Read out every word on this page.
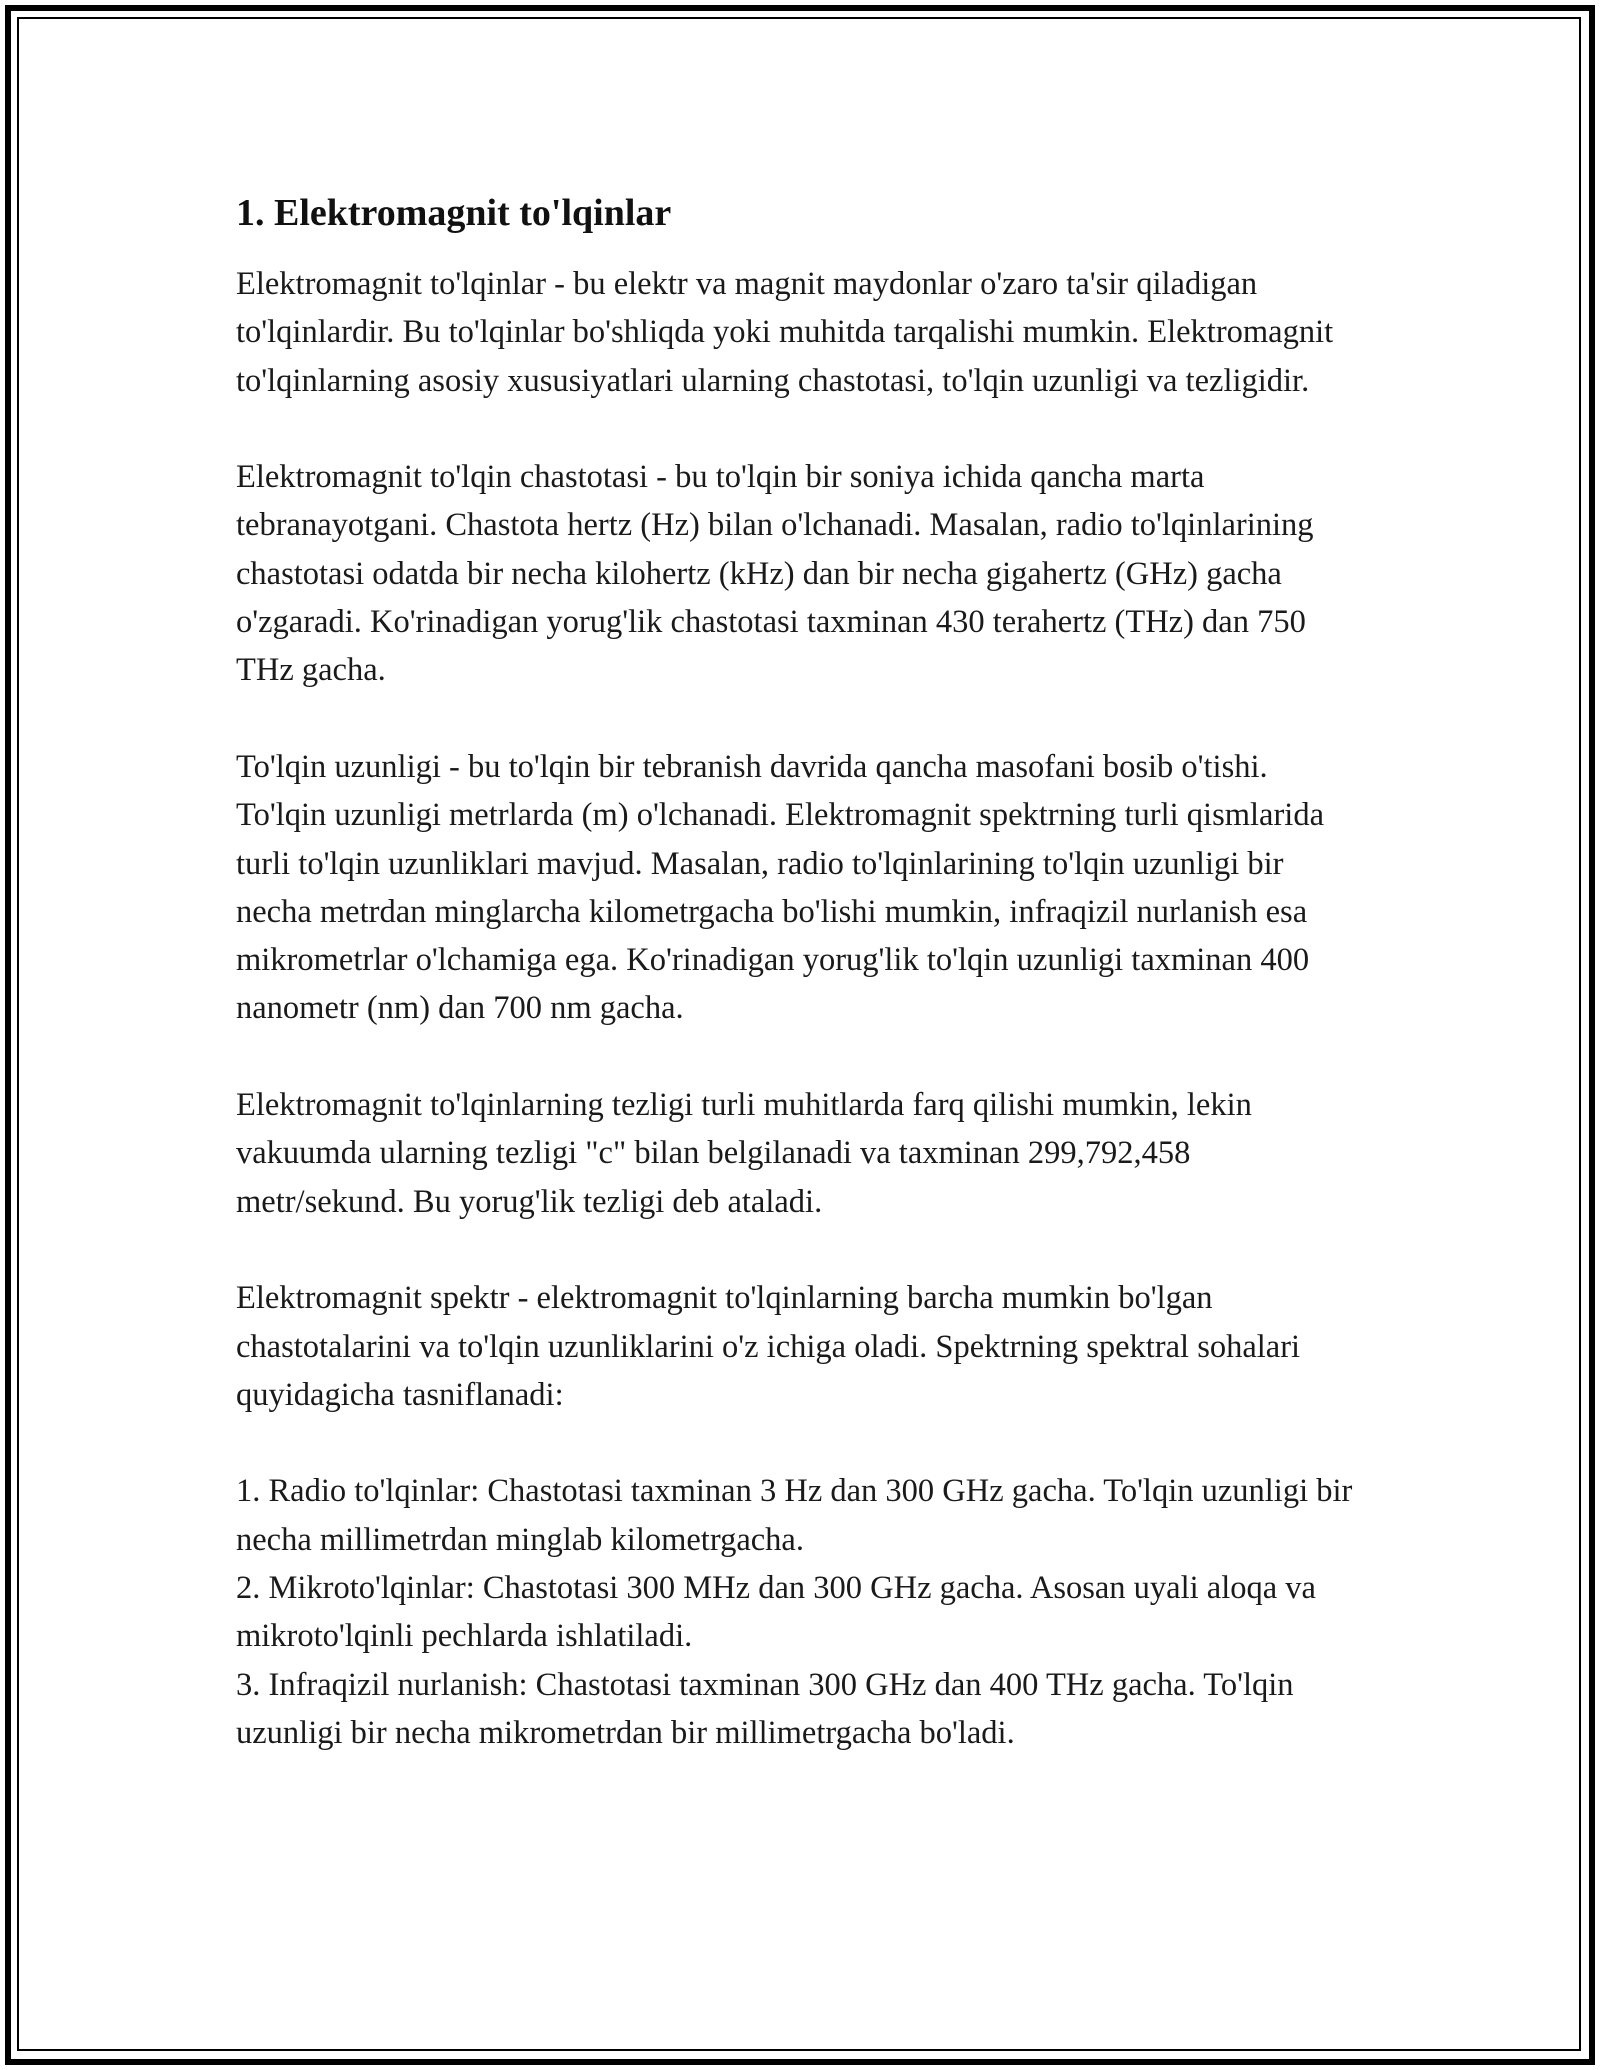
1. Elektromagnit to'lqinlar

Elektromagnit to'lqinlar - bu elektr va magnit maydonlar o'zaro ta'sir qiladigan to'lqinlardir. Bu to'lqinlar bo'shliqda yoki muhitda tarqalishi mumkin. Elektromagnit to'lqinlarning asosiy xususiyatlari ularning chastotasi, to'lqin uzunligi va tezligidir.

Elektromagnit to'lqin chastotasi - bu to'lqin bir soniya ichida qancha marta tebranayotgani. Chastota hertz (Hz) bilan o'lchanadi. Masalan, radio to'lqinlarining chastotasi odatda bir necha kilohertz (kHz) dan bir necha gigahertz (GHz) gacha o'zgaradi. Ko'rinadigan yorug'lik chastotasi taxminan 430 terahertz (THz) dan 750 THz gacha.

To'lqin uzunligi - bu to'lqin bir tebranish davrida qancha masofani bosib o'tishi. To'lqin uzunligi metrlarda (m) o'lchanadi. Elektromagnit spektrning turli qismlarida turli to'lqin uzunliklari mavjud. Masalan, radio to'lqinlarining to'lqin uzunligi bir necha metrdan minglarcha kilometrgacha bo'lishi mumkin, infraqizil nurlanish esa mikrometrlar o'lchamiga ega. Ko'rinadigan yorug'lik to'lqin uzunligi taxminan 400 nanometr (nm) dan 700 nm gacha.

Elektromagnit to'lqinlarning tezligi turli muhitlarda farq qilishi mumkin, lekin vakuumda ularning tezligi "c" bilan belgilanadi va taxminan 299,792,458 metr/sekund. Bu yorug'lik tezligi deb ataladi.

Elektromagnit spektr - elektromagnit to'lqinlarning barcha mumkin bo'lgan chastotalarini va to'lqin uzunliklarini o'z ichiga oladi. Spektrning spektral sohalari quyidagicha tasniflanadi:

1. Radio to'lqinlar: Chastotasi taxminan 3 Hz dan 300 GHz gacha. To'lqin uzunligi bir necha millimetrdan minglab kilometrgacha.

2. Mikroto'lqinlar: Chastotasi 300 MHz dan 300 GHz gacha. Asosan uyali aloqa va mikroto'lqinli pechlarda ishlatiladi.

3. Infraqizil nurlanish: Chastotasi taxminan 300 GHz dan 400 THz gacha. To'lqin uzunligi bir necha mikrometrdan bir millimetrgacha bo'ladi.
